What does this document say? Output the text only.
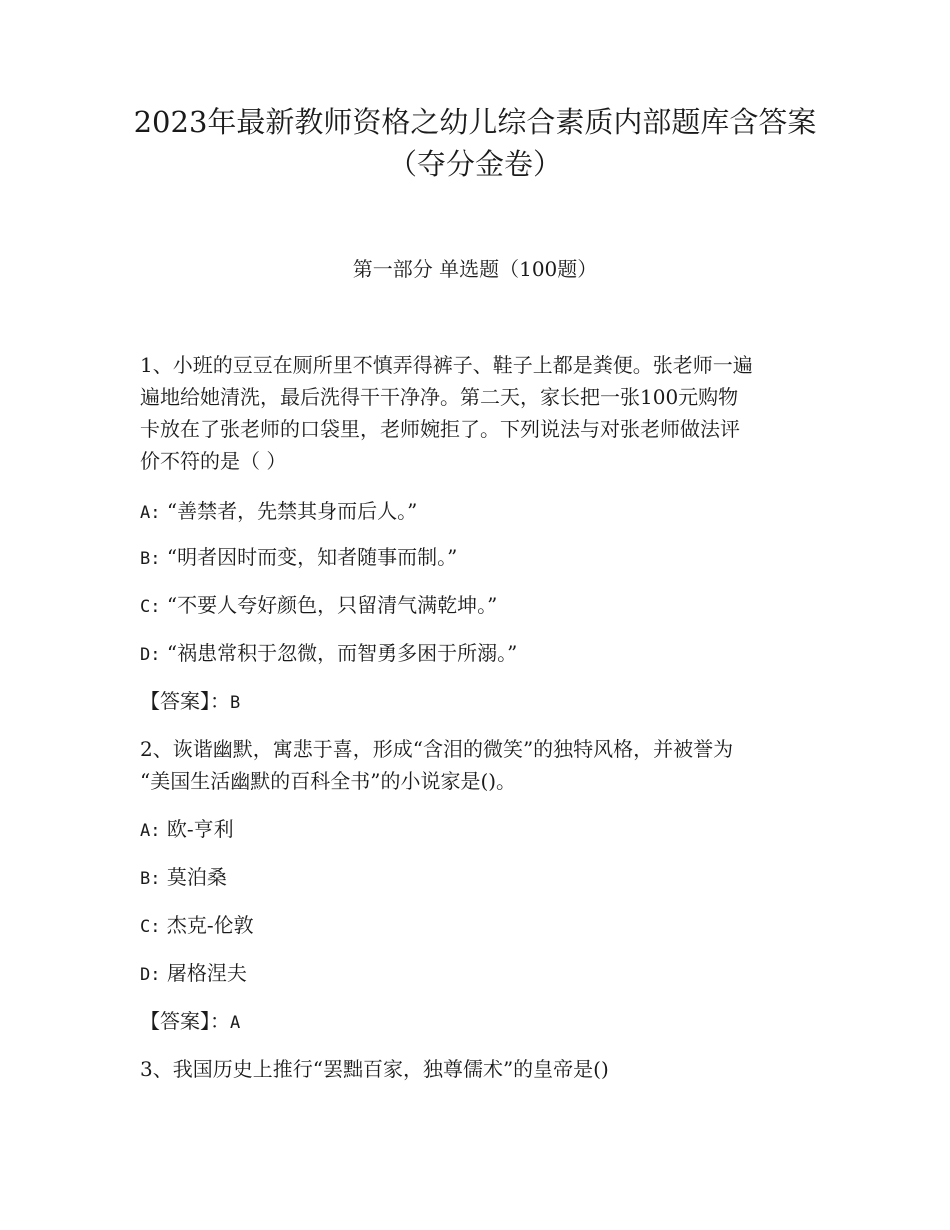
2023年最新教师资格之幼儿综合素质内部题库含答案
（夺分金卷）
第一部分 单选题（100题）

1、小班的豆豆在厕所里不慎弄得裤子、鞋子上都是粪便。张老师一遍

遍地给她清洗，最后洗得干干净净。第二天，家长把一张100元购物

卡放在了张老师的口袋里，老师婉拒了。下列说法与对张老师做法评

价不符的是（ ）

A: “善禁者，先禁其身而后人。”

B: “明者因时而变，知者随事而制。”

C: “不要人夸好颜色，只留清气满乾坤。”

D: “祸患常积于忽微，而智勇多困于所溺。”

【答案】：B

2、诙谐幽默，寓悲于喜，形成“含泪的微笑”的独特风格，并被誉为

“美国生活幽默的百科全书”的小说家是()。

A: 欧-亨利

B: 莫泊桑

C: 杰克-伦敦

D: 屠格涅夫

【答案】：A

3、我国历史上推行“罢黜百家，独尊儒术”的皇帝是()
